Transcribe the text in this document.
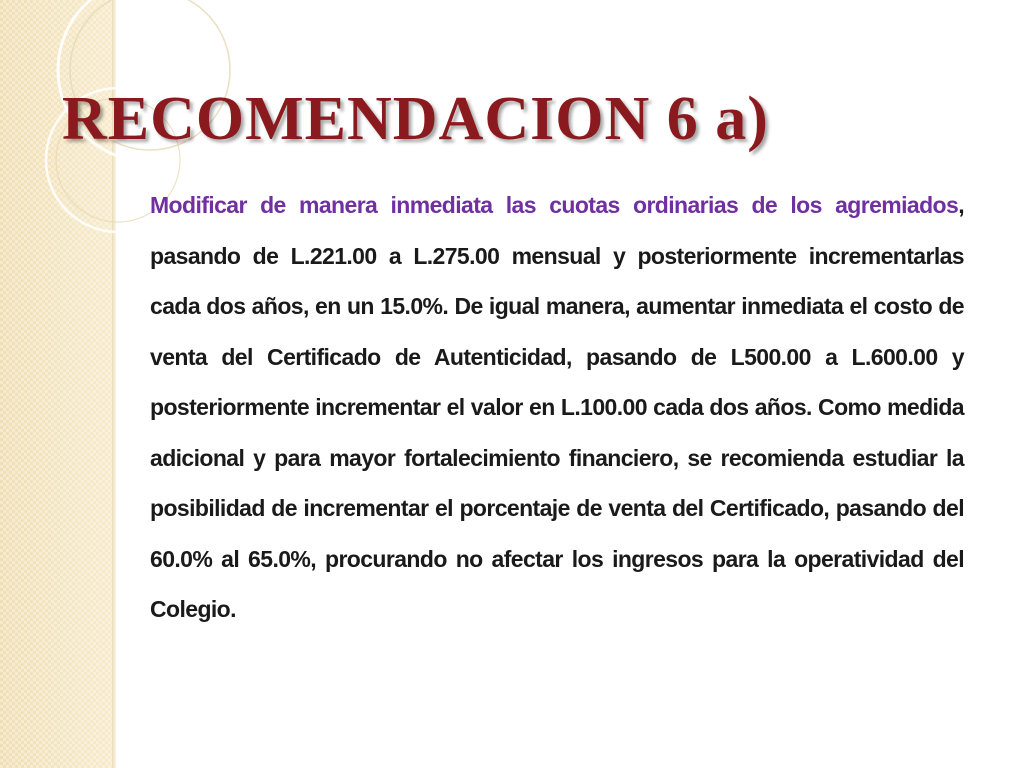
RECOMENDACION 6 a)

Modificar de manera inmediata las cuotas ordinarias de los agremiados, pasando de L.221.00 a L.275.00 mensual y posteriormente incrementarlas cada dos años, en un 15.0%. De igual manera, aumentar inmediata el costo de venta del Certificado de Autenticidad, pasando de L500.00 a L.600.00 y posteriormente incrementar el valor en L.100.00 cada dos años. Como medida adicional y para mayor fortalecimiento financiero, se recomienda estudiar la posibilidad de incrementar el porcentaje de venta del Certificado, pasando del 60.0% al 65.0%, procurando no afectar los ingresos para la operatividad del Colegio.
